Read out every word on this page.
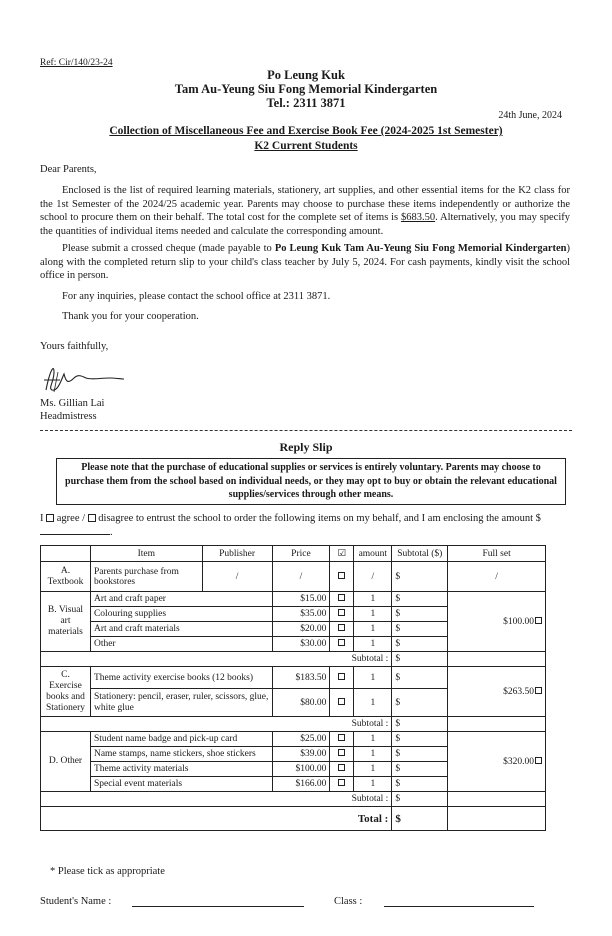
Ref: Cir/140/23-24
Po Leung Kuk
Tam Au-Yeung Siu Fong Memorial Kindergarten
Tel.: 2311 3871
24th June, 2024
Collection of Miscellaneous Fee and Exercise Book Fee (2024-2025 1st Semester)
K2 Current Students
Dear Parents,
Enclosed is the list of required learning materials, stationery, art supplies, and other essential items for the K2 class for the 1st Semester of the 2024/25 academic year. Parents may choose to purchase these items independently or authorize the school to procure them on their behalf. The total cost for the complete set of items is $683.50. Alternatively, you may specify the quantities of individual items needed and calculate the corresponding amount.
Please submit a crossed cheque (made payable to Po Leung Kuk Tam Au-Yeung Siu Fong Memorial Kindergarten) along with the completed return slip to your child's class teacher by July 5, 2024. For cash payments, kindly visit the school office in person.
For any inquiries, please contact the school office at 2311 3871.
Thank you for your cooperation.
Yours faithfully,
Ms. Gillian Lai
Headmistress
Reply Slip
Please note that the purchase of educational supplies or services is entirely voluntary. Parents may choose to purchase them from the school based on individual needs, or they may opt to buy or obtain the relevant educational supplies/services through other means.
I  agree /  disagree to entrust the school to order the following items on my behalf, and I am enclosing the amount $.
	Item	Publisher	Price	☑	amount	Subtotal ($)	Full set
A. Textbook	Parents purchase from bookstores	/	/		/	$	/
B. Visual art materials	Art and craft paper		$15.00		1	$	$100.00
	Colouring supplies		$35.00		1	$	
	Art and craft materials		$20.00		1	$	
	Other		$30.00		1	$	
Subtotal :						$	
C. Exercise books and Stationery	Theme activity exercise books (12 books)		$183.50		1	$	$263.50
	Stationery: pencil, eraser, ruler, scissors, glue, white glue		$80.00		1	$	
Subtotal :						$	
D. Other	Student name badge and pick-up card		$25.00		1	$	$320.00
	Name stamps, name stickers, shoe stickers		$39.00		1	$	
	Theme activity materials		$100.00		1	$	
	Special event materials		$166.00		1	$	
Subtotal :						$	
Total :						$	
* Please tick as appropriate
Student's Name :	Class :
